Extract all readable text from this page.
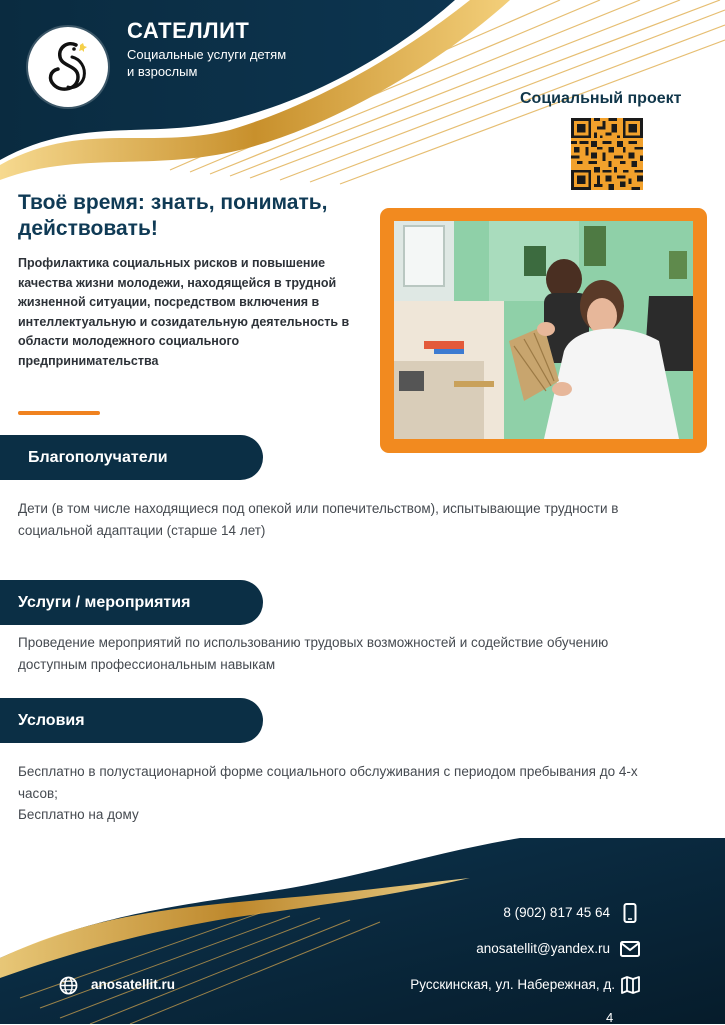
САТЕЛЛИТ
Социальные услуги детям и взрослым
Социальный проект
Твоё время: знать, понимать, действовать!
Профилактика социальных рисков и повышение качества жизни молодежи, находящейся в трудной жизненной ситуации, посредством включения в интеллектуальную и созидательную деятельность в области молодежного социального предпринимательства
Благополучатели
Дети (в том числе находящиеся под опекой или попечительством), испытывающие трудности в социальной адаптации (старше 14 лет)
Услуги / мероприятия
Проведение мероприятий по использованию трудовых возможностей и содействие обучению доступным профессиональным навыкам
Условия
Бесплатно в полустационарной форме социального обслуживания с периодом пребывания до 4-х часов;
Бесплатно на дому
8 (902) 817 45 64
anosatellit@yandex.ru
Русскинская, ул. Набережная, д.
4
anosatellit.ru
